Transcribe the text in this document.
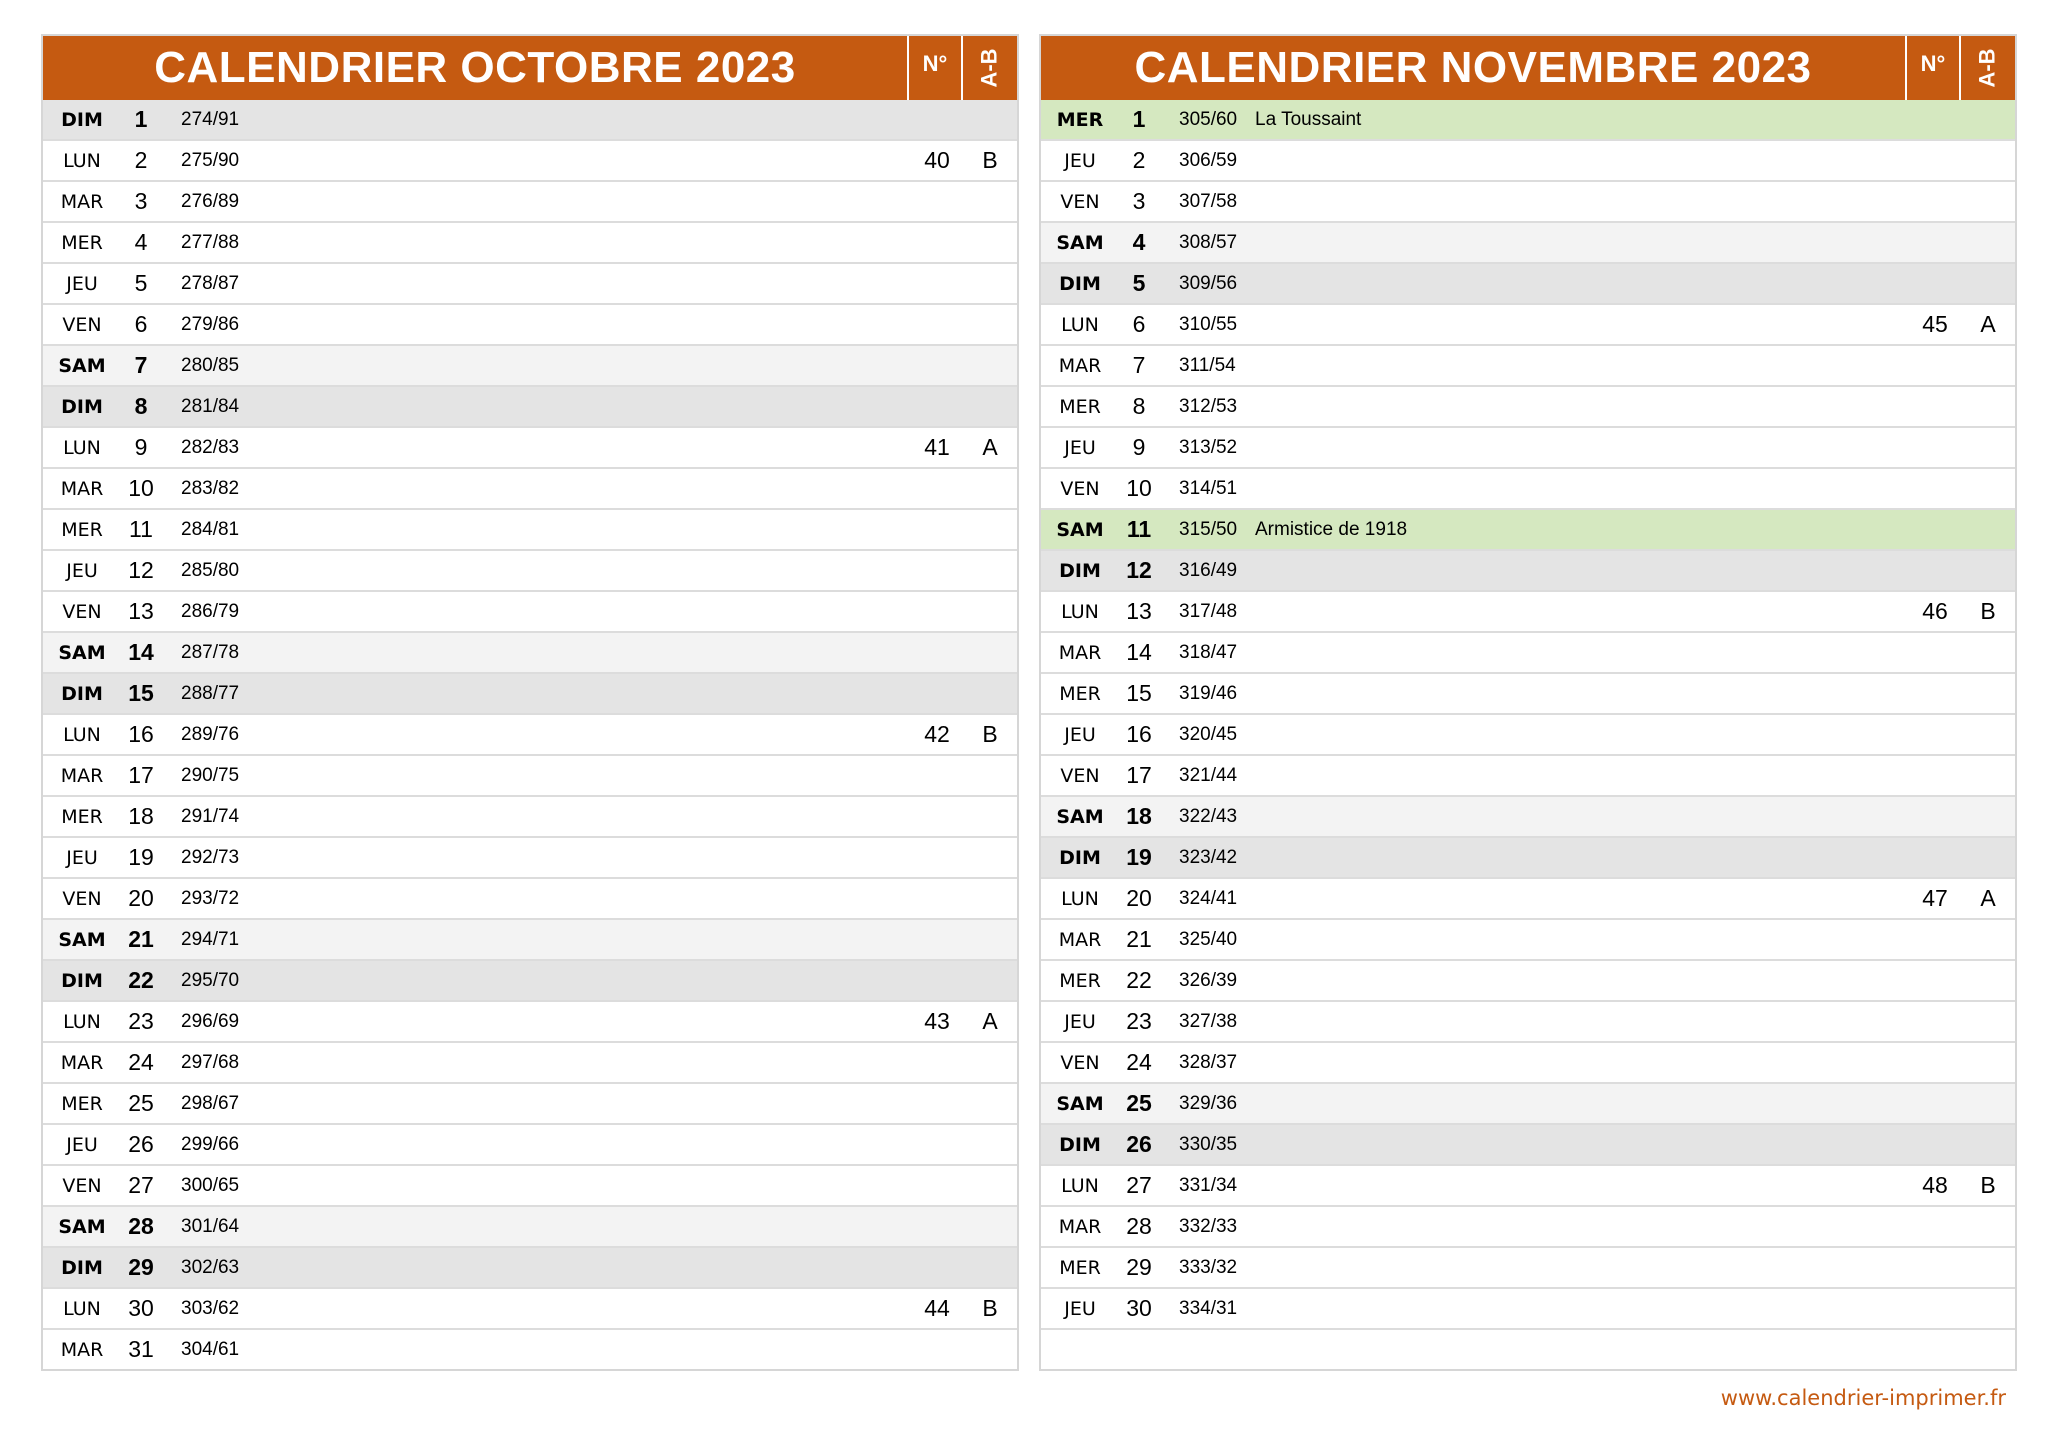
CALENDRIER OCTOBRE 2023	N°	A-B
DIM	1	274/91
LUN	2	275/90	40	B
MAR	3	276/89
MER	4	277/88
JEU	5	278/87
VEN	6	279/86
SAM	7	280/85
DIM	8	281/84
LUN	9	282/83	41	A
MAR	10	283/82
MER	11	284/81
JEU	12	285/80
VEN	13	286/79
SAM 14	287/78
DIM	15	288/77
LUN	16	289/76	42	B
MAR	17	290/75
MER	18	291/74
JEU	19	292/73
VEN	20	293/72
SAM 21	294/71
DIM	22	295/70
LUN	23	296/69	43	A
MAR	24	297/68
MER	25	298/67
JEU	26	299/66
VEN	27	300/65
SAM 28	301/64
DIM	29	302/63
LUN	30	303/62	44	B
MAR	31	304/61
CALENDRIER NOVEMBRE 2023	N°	A-B
MER	1	305/60 La Toussaint
JEU	2	306/59
VEN	3	307/58
SAM	4	308/57
DIM	5	309/56
LUN	6	310/55	45	A
MAR	7	311/54
MER	8	312/53
JEU	9	313/52
VEN	10	314/51
SAM	11	315/50 Armistice de 1918
DIM	12	316/49
LUN	13	317/48	46	B
MAR	14	318/47
MER	15	319/46
JEU	16	320/45
VEN	17	321/44
SAM 18	322/43
DIM	19	323/42
LUN	20	324/41	47	A
MAR	21	325/40
MER	22	326/39
JEU	23	327/38
VEN	24	328/37
SAM 25	329/36
DIM	26	330/35
LUN	27	331/34	48	B
MAR	28	332/33
MER	29	333/32
JEU	30	334/31
www.calendrier-imprimer.fr
